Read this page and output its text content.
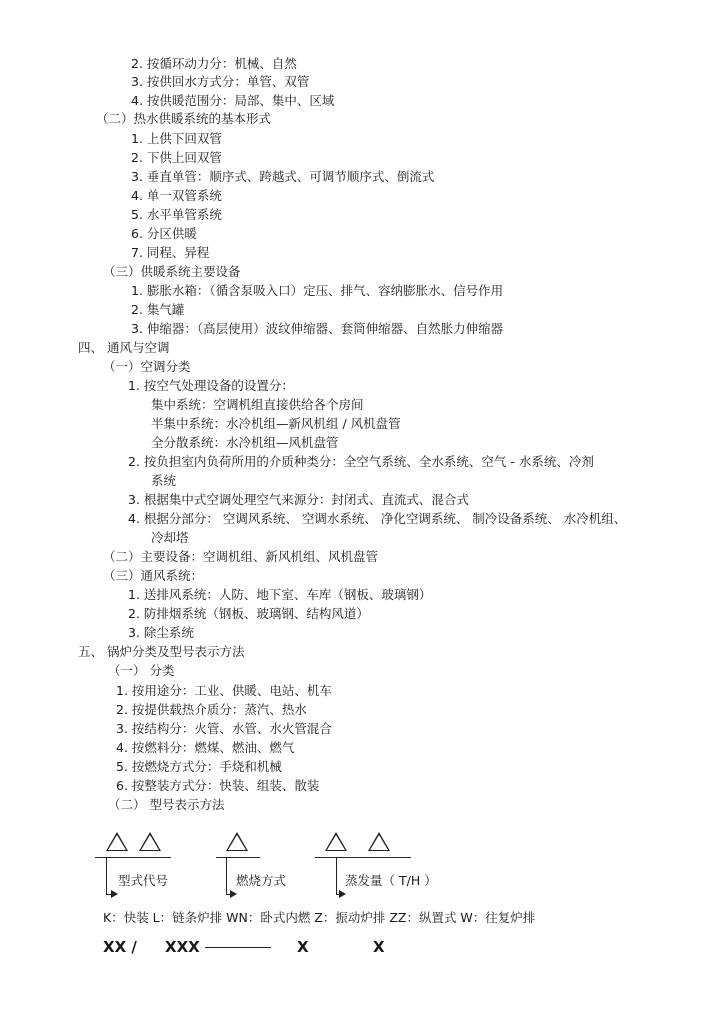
2. 按循环动力分：机械、自然
3. 按供回水方式分：单管、双管
4. 按供暖范围分：局部、集中、区域
（二）热水供暖系统的基本形式
1. 上供下回双管
2. 下供上回双管
3. 垂直单管：顺序式、跨越式、可调节顺序式、倒流式
4. 单一双管系统
5. 水平单管系统
6. 分区供暖
7. 同程、异程
（三）供暖系统主要设备
1. 膨胀水箱：（循含泵吸入口）定压、排气、容纳膨胀水、信号作用
2. 集气罐
3. 伸缩器：（高层使用）波纹伸缩器、套筒伸缩器、自然胀力伸缩器
四、 通风与空调
（一）空调分类
1. 按空气处理设备的设置分：
集中系统：空调机组直接供给各个房间
半集中系统：水冷机组—新风机组 / 风机盘管
全分散系统：水冷机组—风机盘管
2. 按负担室内负荷所用的介质种类分：全空气系统、全水系统、空气 - 水系统、冷剂
系统
3. 根据集中式空调处理空气来源分：封闭式、直流式、混合式
4. 根据分部分： 空调风系统、 空调水系统、 净化空调系统、 制冷设备系统、 水冷机组、
冷却塔
（二）主要设备：空调机组、新风机组、风机盘管
（三）通风系统：
1. 送排风系统：人防、地下室、车库（钢板、玻璃钢）
2. 防排烟系统（钢板、玻璃钢、结构风道）
3. 除尘系统
五、 锅炉分类及型号表示方法
（一） 分类
1. 按用途分：工业、供暖、电站、机车
2. 按提供载热介质分：蒸汽、热水
3. 按结构分：火管、水管、水火管混合
4. 按燃料分：燃煤、燃油、燃气
5. 按燃烧方式分：手烧和机械
6. 按整装方式分：快装、组装、散装
（二） 型号表示方法
型式代号	燃烧方式	蒸发量（ T/H ）
K：快装 L：链条炉排 WN：卧式内燃 Z：振动炉排 ZZ：纵置式 W：往复炉排
XX / XXX	X	X
